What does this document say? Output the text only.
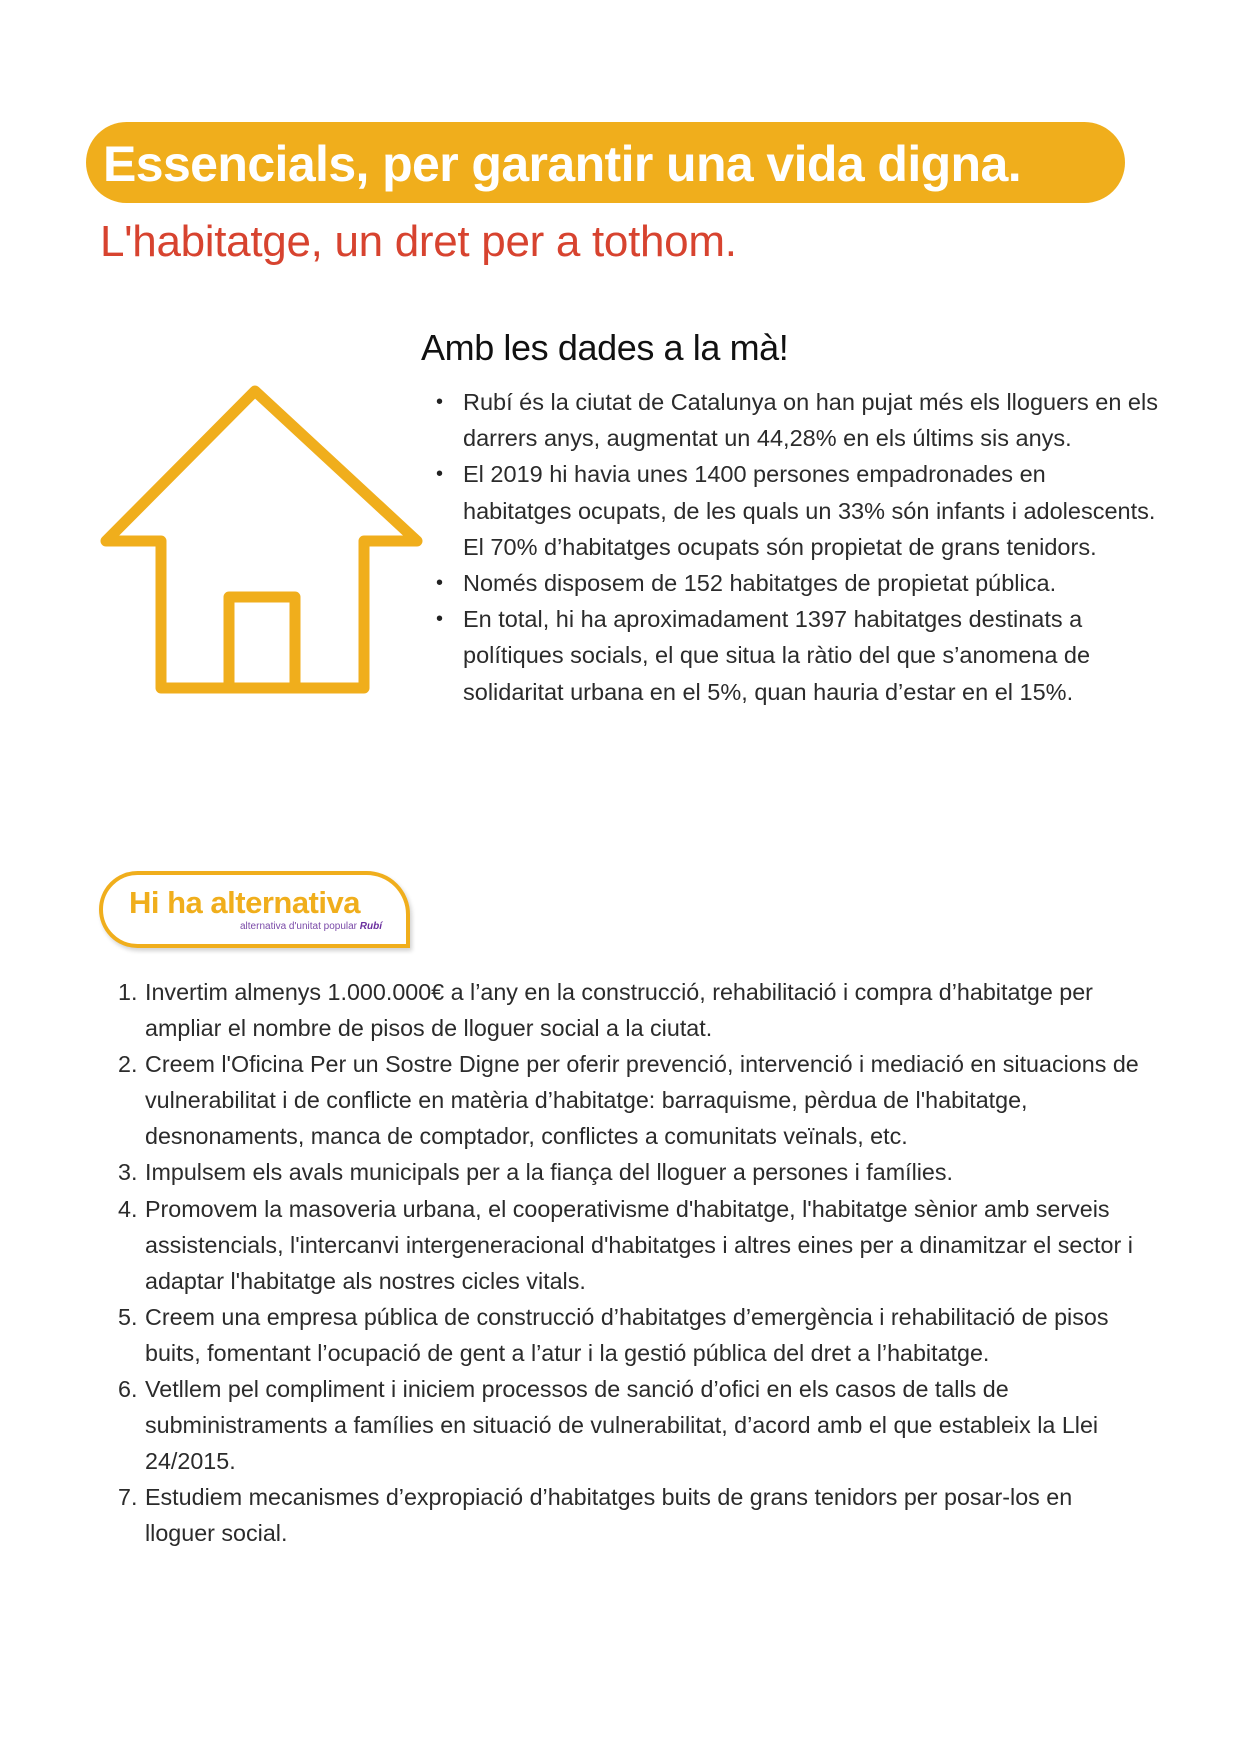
Essencials, per garantir una vida digna.
L'habitatge, un dret per a tothom.
Amb les dades a la mà!
• Rubí és la ciutat de Catalunya on han pujat més els lloguers en els darrers anys, augmentat un 44,28% en els últims sis anys.
• El 2019 hi havia unes 1400 persones empadronades en habitatges ocupats, de les quals un 33% són infants i adolescents. El 70% d’habitatges ocupats són propietat de grans tenidors.
• Només disposem de 152 habitatges de propietat pública.
• En total, hi ha aproximadament 1397 habitatges destinats a polítiques socials, el que situa la ràtio del que s’anomena de solidaritat urbana en el 5%, quan hauria d’estar en el 15%.
Hi ha alternativa
alternativa d'unitat popular Rubí
1. Invertim almenys 1.000.000€ a l’any en la construcció, rehabilitació i compra d’habitatge per ampliar el nombre de pisos de lloguer social a la ciutat.
2. Creem l'Oficina Per un Sostre Digne per oferir prevenció, intervenció i mediació en situacions de vulnerabilitat i de conflicte en matèria d’habitatge: barraquisme, pèrdua de l'habitatge, desnonaments, manca de comptador, conflictes a comunitats veïnals, etc.
3. Impulsem els avals municipals per a la fiança del lloguer a persones i famílies.
4. Promovem la masoveria urbana, el cooperativisme d'habitatge, l'habitatge sènior amb serveis assistencials, l'intercanvi intergeneracional d'habitatges i altres eines per a dinamitzar el sector i adaptar l'habitatge als nostres cicles vitals.
5. Creem una empresa pública de construcció d’habitatges d’emergència i rehabilitació de pisos buits, fomentant l’ocupació de gent a l’atur i la gestió pública del dret a l’habitatge.
6. Vetllem pel compliment i iniciem processos de sanció d’ofici en els casos de talls de subministraments a famílies en situació de vulnerabilitat, d’acord amb el que estableix la Llei 24/2015.
7. Estudiem mecanismes d’expropiació d’habitatges buits de grans tenidors per posar-los en lloguer social.
